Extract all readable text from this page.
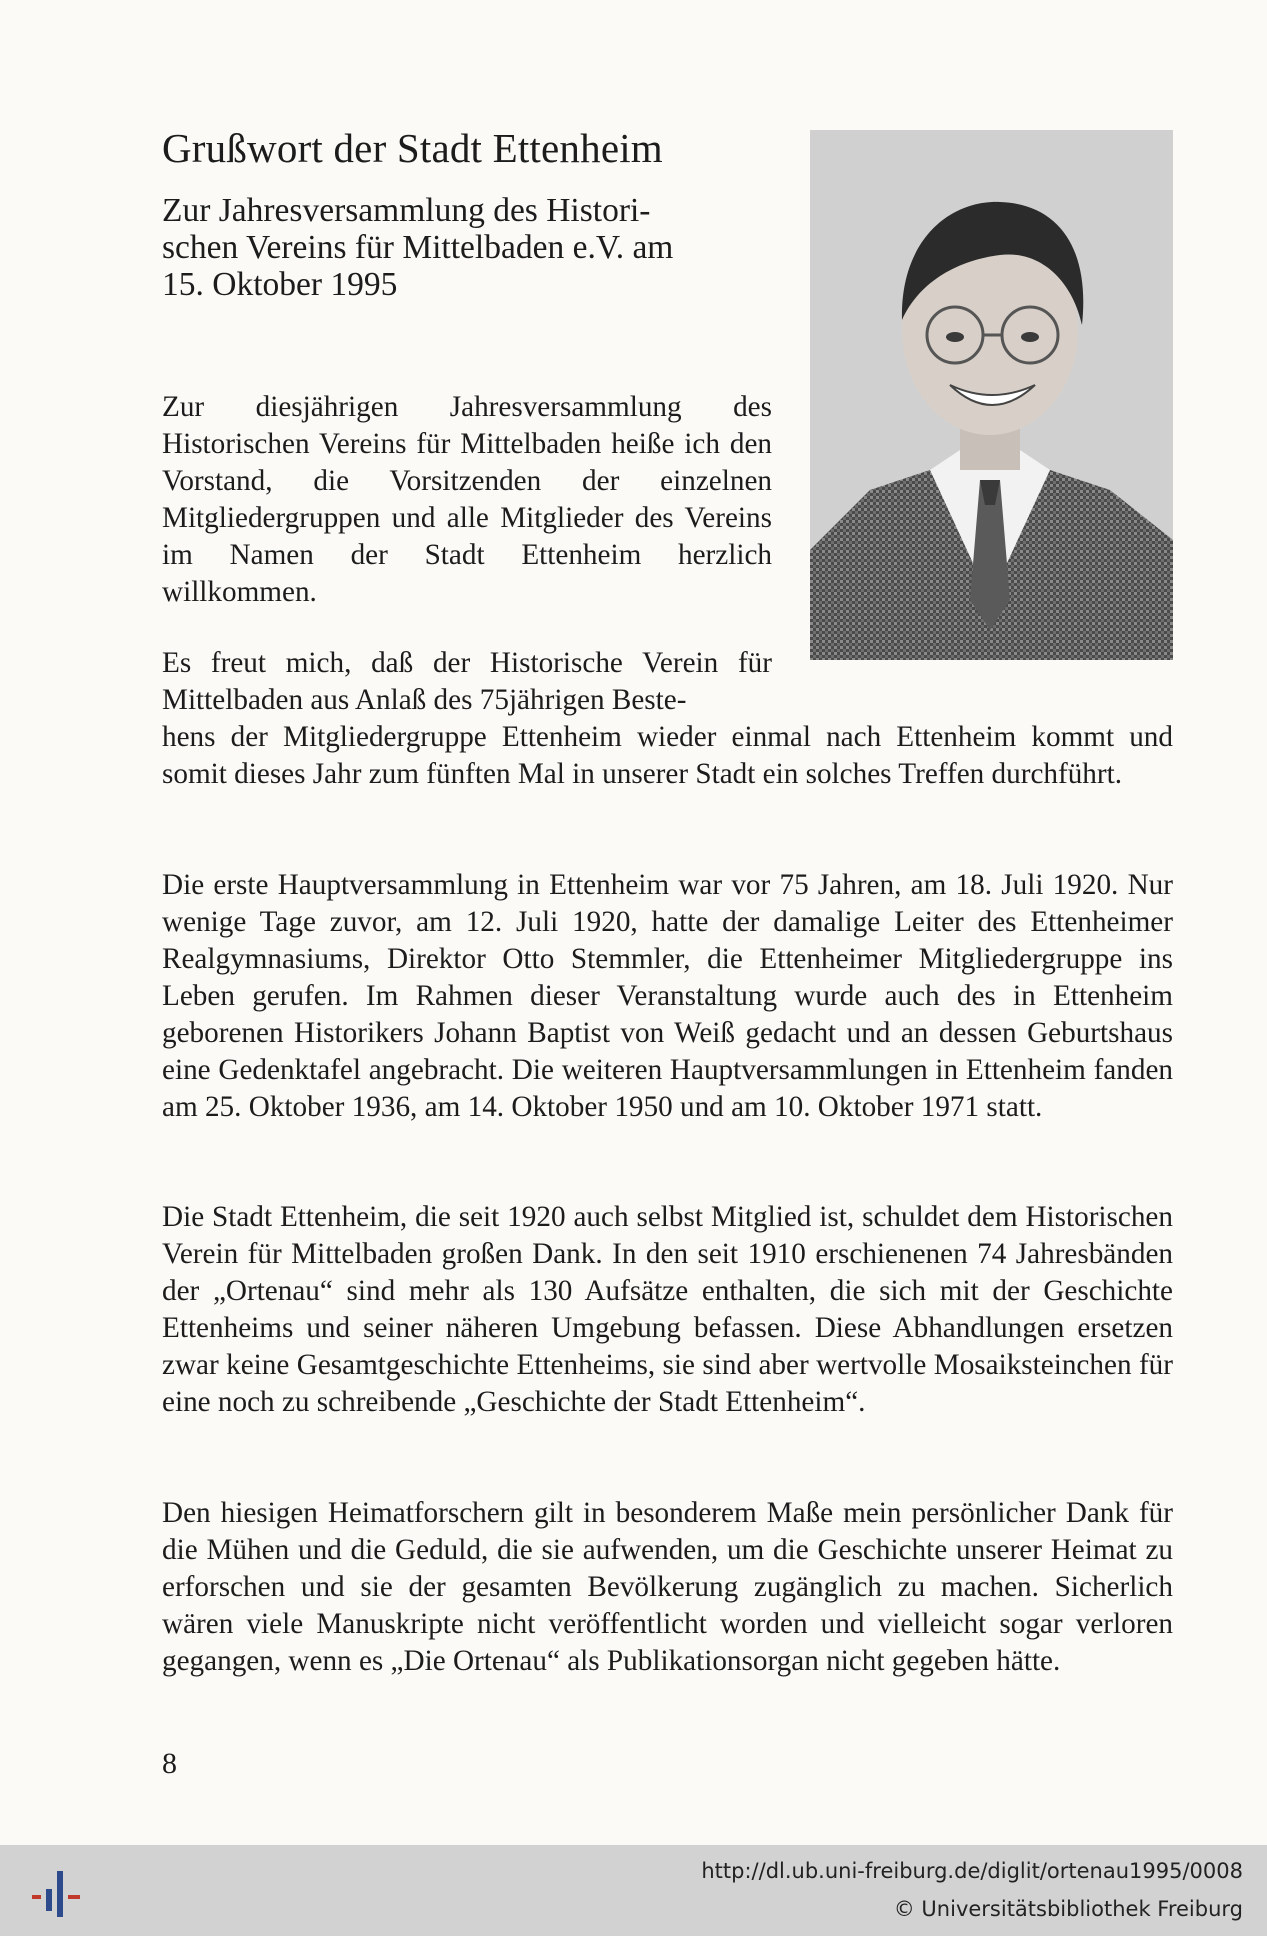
Grußwort der Stadt Ettenheim
Zur Jahresversammlung des Histori-
schen Vereins für Mittelbaden e.V. am
15. Oktober 1995

Zur diesjährigen Jahresversammlung des Historischen Vereins für Mittelbaden heiße ich den Vorstand, die Vorsitzenden der einzelnen Mitgliedergruppen und alle Mitglieder des Vereins im Namen der Stadt Ettenheim herzlich willkommen.

Es freut mich, daß der Historische Verein für Mittelbaden aus Anlaß des 75jährigen Beste-
hens der Mitgliedergruppe Ettenheim wieder einmal nach Ettenheim kommt und somit dieses Jahr zum fünften Mal in unserer Stadt ein solches Treffen durchführt.

Die erste Hauptversammlung in Ettenheim war vor 75 Jahren, am 18. Juli 1920. Nur wenige Tage zuvor, am 12. Juli 1920, hatte der damalige Leiter des Ettenheimer Realgymnasiums, Direktor Otto Stemmler, die Ettenheimer Mitgliedergruppe ins Leben gerufen. Im Rahmen dieser Veranstaltung wurde auch des in Ettenheim geborenen Historikers Johann Baptist von Weiß gedacht und an dessen Geburtshaus eine Gedenktafel angebracht. Die weiteren Hauptversammlungen in Ettenheim fanden am 25. Oktober 1936, am 14. Oktober 1950 und am 10. Oktober 1971 statt.

Die Stadt Ettenheim, die seit 1920 auch selbst Mitglied ist, schuldet dem Historischen Verein für Mittelbaden großen Dank. In den seit 1910 erschienenen 74 Jahresbänden der „Ortenau“ sind mehr als 130 Aufsätze enthalten, die sich mit der Geschichte Ettenheims und seiner näheren Umgebung befassen. Diese Abhandlungen ersetzen zwar keine Gesamtgeschichte Ettenheims, sie sind aber wertvolle Mosaiksteinchen für eine noch zu schreibende „Geschichte der Stadt Ettenheim“.

Den hiesigen Heimatforschern gilt in besonderem Maße mein persönlicher Dank für die Mühen und die Geduld, die sie aufwenden, um die Geschichte unserer Heimat zu erforschen und sie der gesamten Bevölkerung zugänglich zu machen. Sicherlich wären viele Manuskripte nicht veröffentlicht worden und vielleicht sogar verloren gegangen, wenn es „Die Ortenau“ als Publikationsorgan nicht gegeben hätte.

8

http://dl.ub.uni-freiburg.de/diglit/ortenau1995/0008

© Universitätsbibliothek Freiburg
